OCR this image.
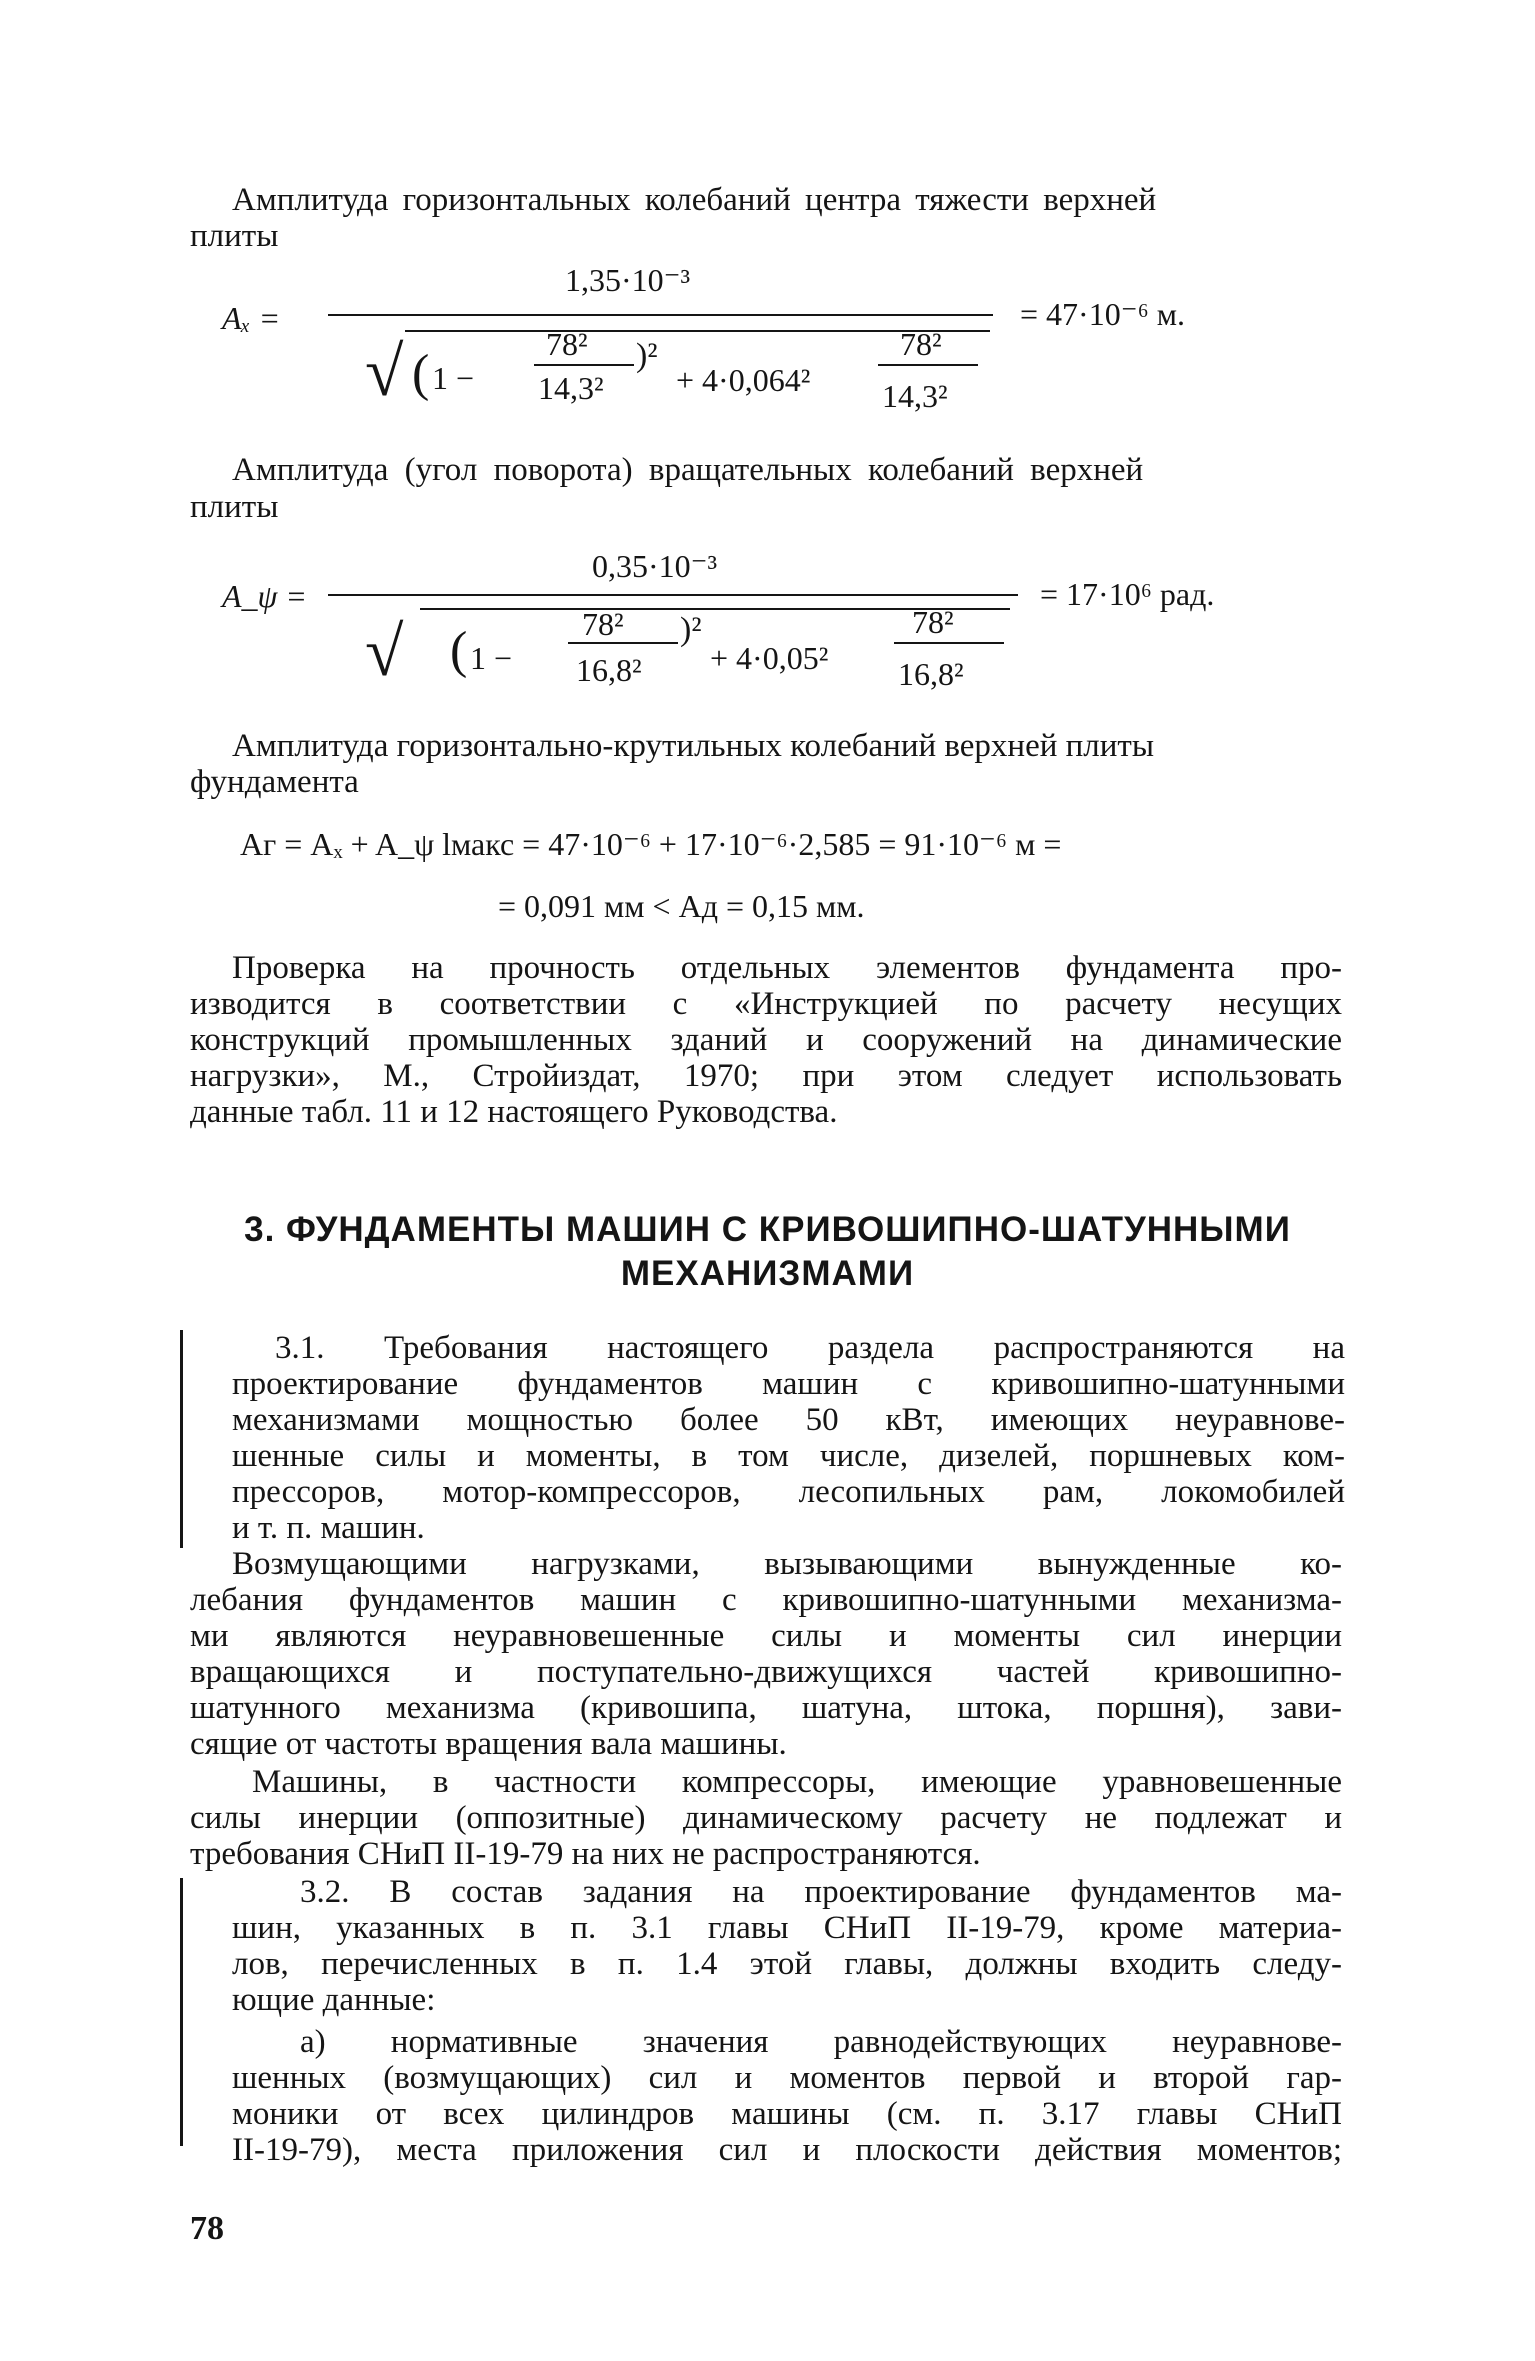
Амплитуда горизонтальных колебаний центра тяжести верхней
плиты
Aₓ =
1,35·10⁻³
√ ( 1 −
78²
14,3²
)²
+ 4·0,064²
78²
14,3²
= 47·10⁻⁶ м.
Амплитуда (угол поворота) вращательных колебаний верхней
плиты
A_ψ =
0,35·10⁻³
√ ( 1 −
78²
16,8²
)²
+ 4·0,05²
78²
16,8²
= 17·10⁶ рад.
Амплитуда горизонтально-крутильных колебаний верхней плиты
фундамента
Aг = Aₓ + A_ψ lмакс = 47·10⁻⁶ + 17·10⁻⁶·2,585 = 91·10⁻⁶ м =
= 0,091 мм < Aд = 0,15 мм.
Проверка на прочность отдельных элементов фундамента про-
изводится в соответствии с «Инструкцией по расчету несущих
конструкций промышленных зданий и сооружений на динамические
нагрузки», М., Стройиздат, 1970; при этом следует использовать
данные табл. 11 и 12 настоящего Руководства.
3. ФУНДАМЕНТЫ МАШИН С КРИВОШИПНО-ШАТУННЫМИ
МЕХАНИЗМАМИ
3.1. Требования настоящего раздела распространяются на
проектирование фундаментов машин с кривошипно-шатунными
механизмами мощностью более 50 кВт, имеющих неуравнове-
шенные силы и моменты, в том числе, дизелей, поршневых ком-
прессоров, мотор-компрессоров, лесопильных рам, локомобилей
и т. п. машин.
Возмущающими нагрузками, вызывающими вынужденные ко-
лебания фундаментов машин с кривошипно-шатунными механизма-
ми являются неуравновешенные силы и моменты сил инерции
вращающихся и поступательно-движущихся частей кривошипно-
шатунного механизма (кривошипа, шатуна, штока, поршня), зави-
сящие от частоты вращения вала машины.
Машины, в частности компрессоры, имеющие уравновешенные
силы инерции (оппозитные) динамическому расчету не подлежат и
требования СНиП II-19-79 на них не распространяются.
3.2. В состав задания на проектирование фундаментов ма-
шин, указанных в п. 3.1 главы СНиП II-19-79, кроме материа-
лов, перечисленных в п. 1.4 этой главы, должны входить следу-
ющие данные:
а) нормативные значения равнодействующих неуравнове-
шенных (возмущающих) сил и моментов первой и второй гар-
моники от всех цилиндров машины (см. п. 3.17 главы СНиП
II-19-79), места приложения сил и плоскости действия моментов;
78
